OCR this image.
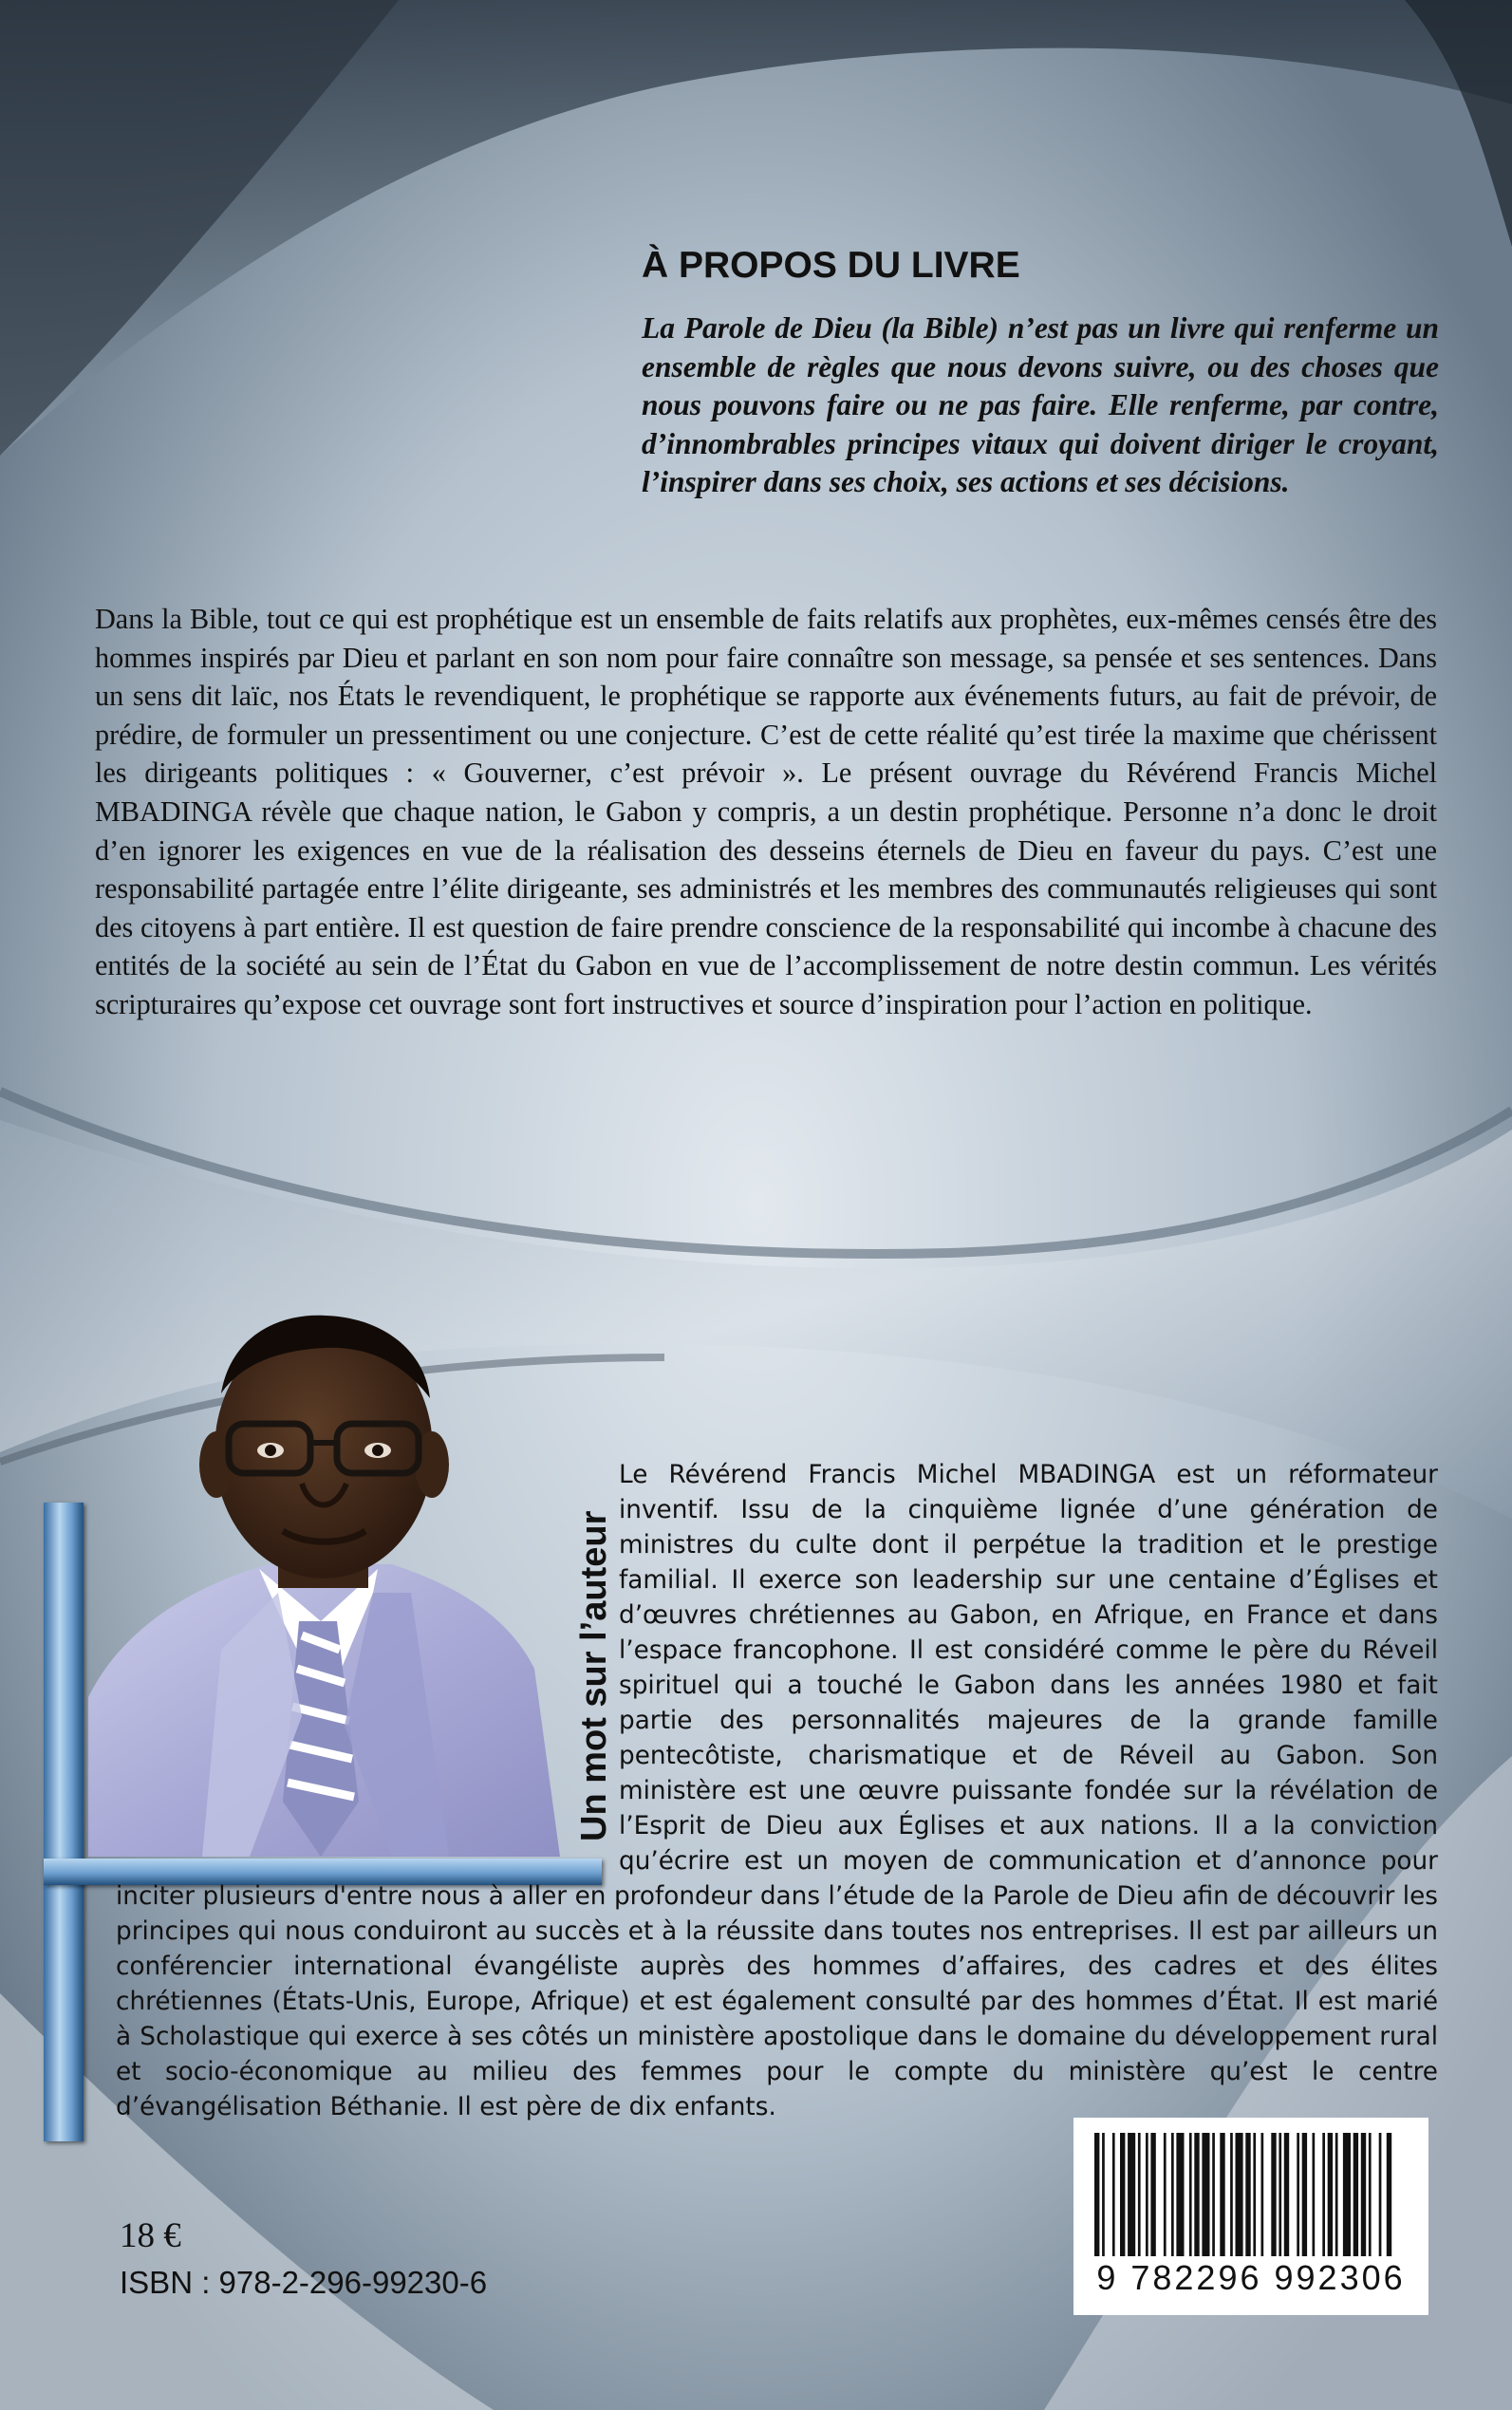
À PROPOS DU LIVRE

La Parole de Dieu (la Bible) n’est pas un livre qui renferme un ensemble de règles que nous devons suivre, ou des choses que nous pouvons faire ou ne pas faire. Elle renferme, par contre, d’innombrables principes vitaux qui doivent diriger le croyant, l’inspirer dans ses choix, ses actions et ses décisions.

Dans la Bible, tout ce qui est prophétique est un ensemble de faits relatifs aux prophètes, eux-mêmes censés être des hommes inspirés par Dieu et parlant en son nom pour faire connaître son message, sa pensée et ses sentences. Dans un sens dit laïc, nos États le revendiquent, le prophétique se rapporte aux événements futurs, au fait de prévoir, de prédire, de formuler un pressentiment ou une conjecture. C’est de cette réalité qu’est tirée la maxime que chérissent les dirigeants politiques : « Gouverner, c’est prévoir ». Le présent ouvrage du Révérend Francis Michel MBADINGA révèle que chaque nation, le Gabon y compris, a un destin prophétique. Personne n’a donc le droit d’en ignorer les exigences en vue de la réalisation des desseins éternels de Dieu en faveur du pays. C’est une responsabilité partagée entre l’élite dirigeante, ses administrés et les membres des communautés religieuses qui sont des citoyens à part entière. Il est question de faire prendre conscience de la responsabilité qui incombe à chacune des entités de la société au sein de l’État du Gabon en vue de l’accomplissement de notre destin commun. Les vérités scripturaires qu’expose cet ouvrage sont fort instructives et source d’inspiration pour l’action en politique.

Un mot sur l’auteur
Le Révérend Francis Michel MBADINGA est un réformateur inventif. Issu de la cinquième lignée d’une génération de ministres du culte dont il perpétue la tradition et le prestige familial. Il exerce son leadership sur une centaine d’Églises et d’œuvres chrétiennes au Gabon, en Afrique, en France et dans l’espace francophone. Il est considéré comme le père du Réveil spirituel qui a touché le Gabon dans les années 1980 et fait partie des personnalités majeures de la grande famille pentecôtiste, charismatique et de Réveil au Gabon. Son ministère est une œuvre puissante fondée sur la révélation de l’Esprit de Dieu aux Églises et aux nations. Il a la conviction qu’écrire est un moyen de communication et d’annonce pour inciter plusieurs d'entre nous à aller en profondeur dans l’étude de la Parole de Dieu afin de découvrir les principes qui nous conduiront au succès et à la réussite dans toutes nos entreprises. Il est par ailleurs un conférencier international évangéliste auprès des hommes d’affaires, des cadres et des élites chrétiennes (États-Unis, Europe, Afrique) et est également consulté par des hommes d’État. Il est marié à Scholastique qui exerce à ses côtés un ministère apostolique dans le domaine du développement rural et socio-économique au milieu des femmes pour le compte du ministère qu’est le centre d’évangélisation Béthanie. Il est père de dix enfants.

18 €

ISBN : 978-2-296-99230-6	9 782296 992306
